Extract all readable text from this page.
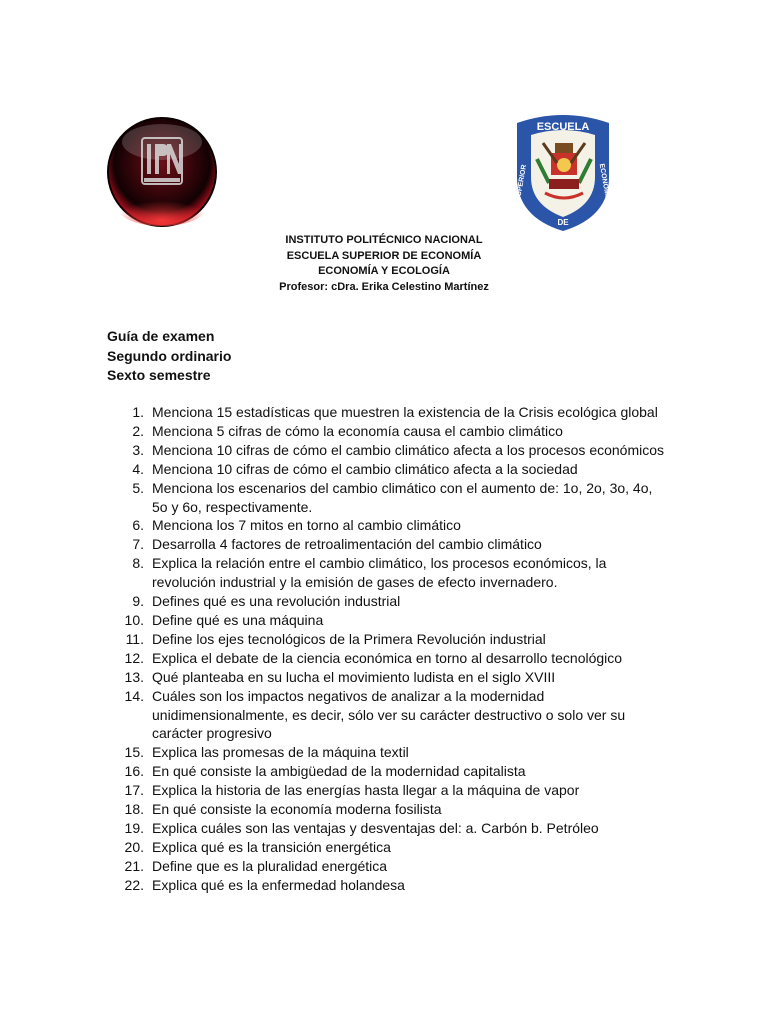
ESCUELA
SUPERIOR	ECONOMIA
DE
INSTITUTO POLITÉCNICO NACIONAL
ESCUELA SUPERIOR DE ECONOMÍA
ECONOMÍA Y ECOLOGÍA
Profesor: cDra. Erika Celestino Martínez
Guía de examen
Segundo ordinario
Sexto semestre
1. Menciona 15 estadísticas que muestren la existencia de la Crisis ecológica global
2. Menciona 5 cifras de cómo la economía causa el cambio climático
3. Menciona 10 cifras de cómo el cambio climático afecta a los procesos económicos
4. Menciona 10 cifras de cómo el cambio climático afecta a la sociedad
5. Menciona los escenarios del cambio climático con el aumento de: 1o, 2o, 3o, 4o, 5o y 6o, respectivamente.
6. Menciona los 7 mitos en torno al cambio climático
7. Desarrolla 4 factores de retroalimentación del cambio climático
8. Explica la relación entre el cambio climático, los procesos económicos, la revolución industrial y la emisión de gases de efecto invernadero.
9. Defines qué es una revolución industrial
10. Define qué es una máquina
11. Define los ejes tecnológicos de la Primera Revolución industrial
12. Explica el debate de la ciencia económica en torno al desarrollo tecnológico
13. Qué planteaba en su lucha el movimiento ludista en el siglo XVIII
14. Cuáles son los impactos negativos de analizar a la modernidad unidimensionalmente, es decir, sólo ver su carácter destructivo o solo ver su carácter progresivo
15. Explica las promesas de la máquina textil
16. En qué consiste la ambigüedad de la modernidad capitalista
17. Explica la historia de las energías hasta llegar a la máquina de vapor
18. En qué consiste la economía moderna fosilista
19. Explica cuáles son las ventajas y desventajas del: a. Carbón b. Petróleo
20. Explica qué es la transición energética
21. Define que es la pluralidad energética
22. Explica qué es la enfermedad holandesa
